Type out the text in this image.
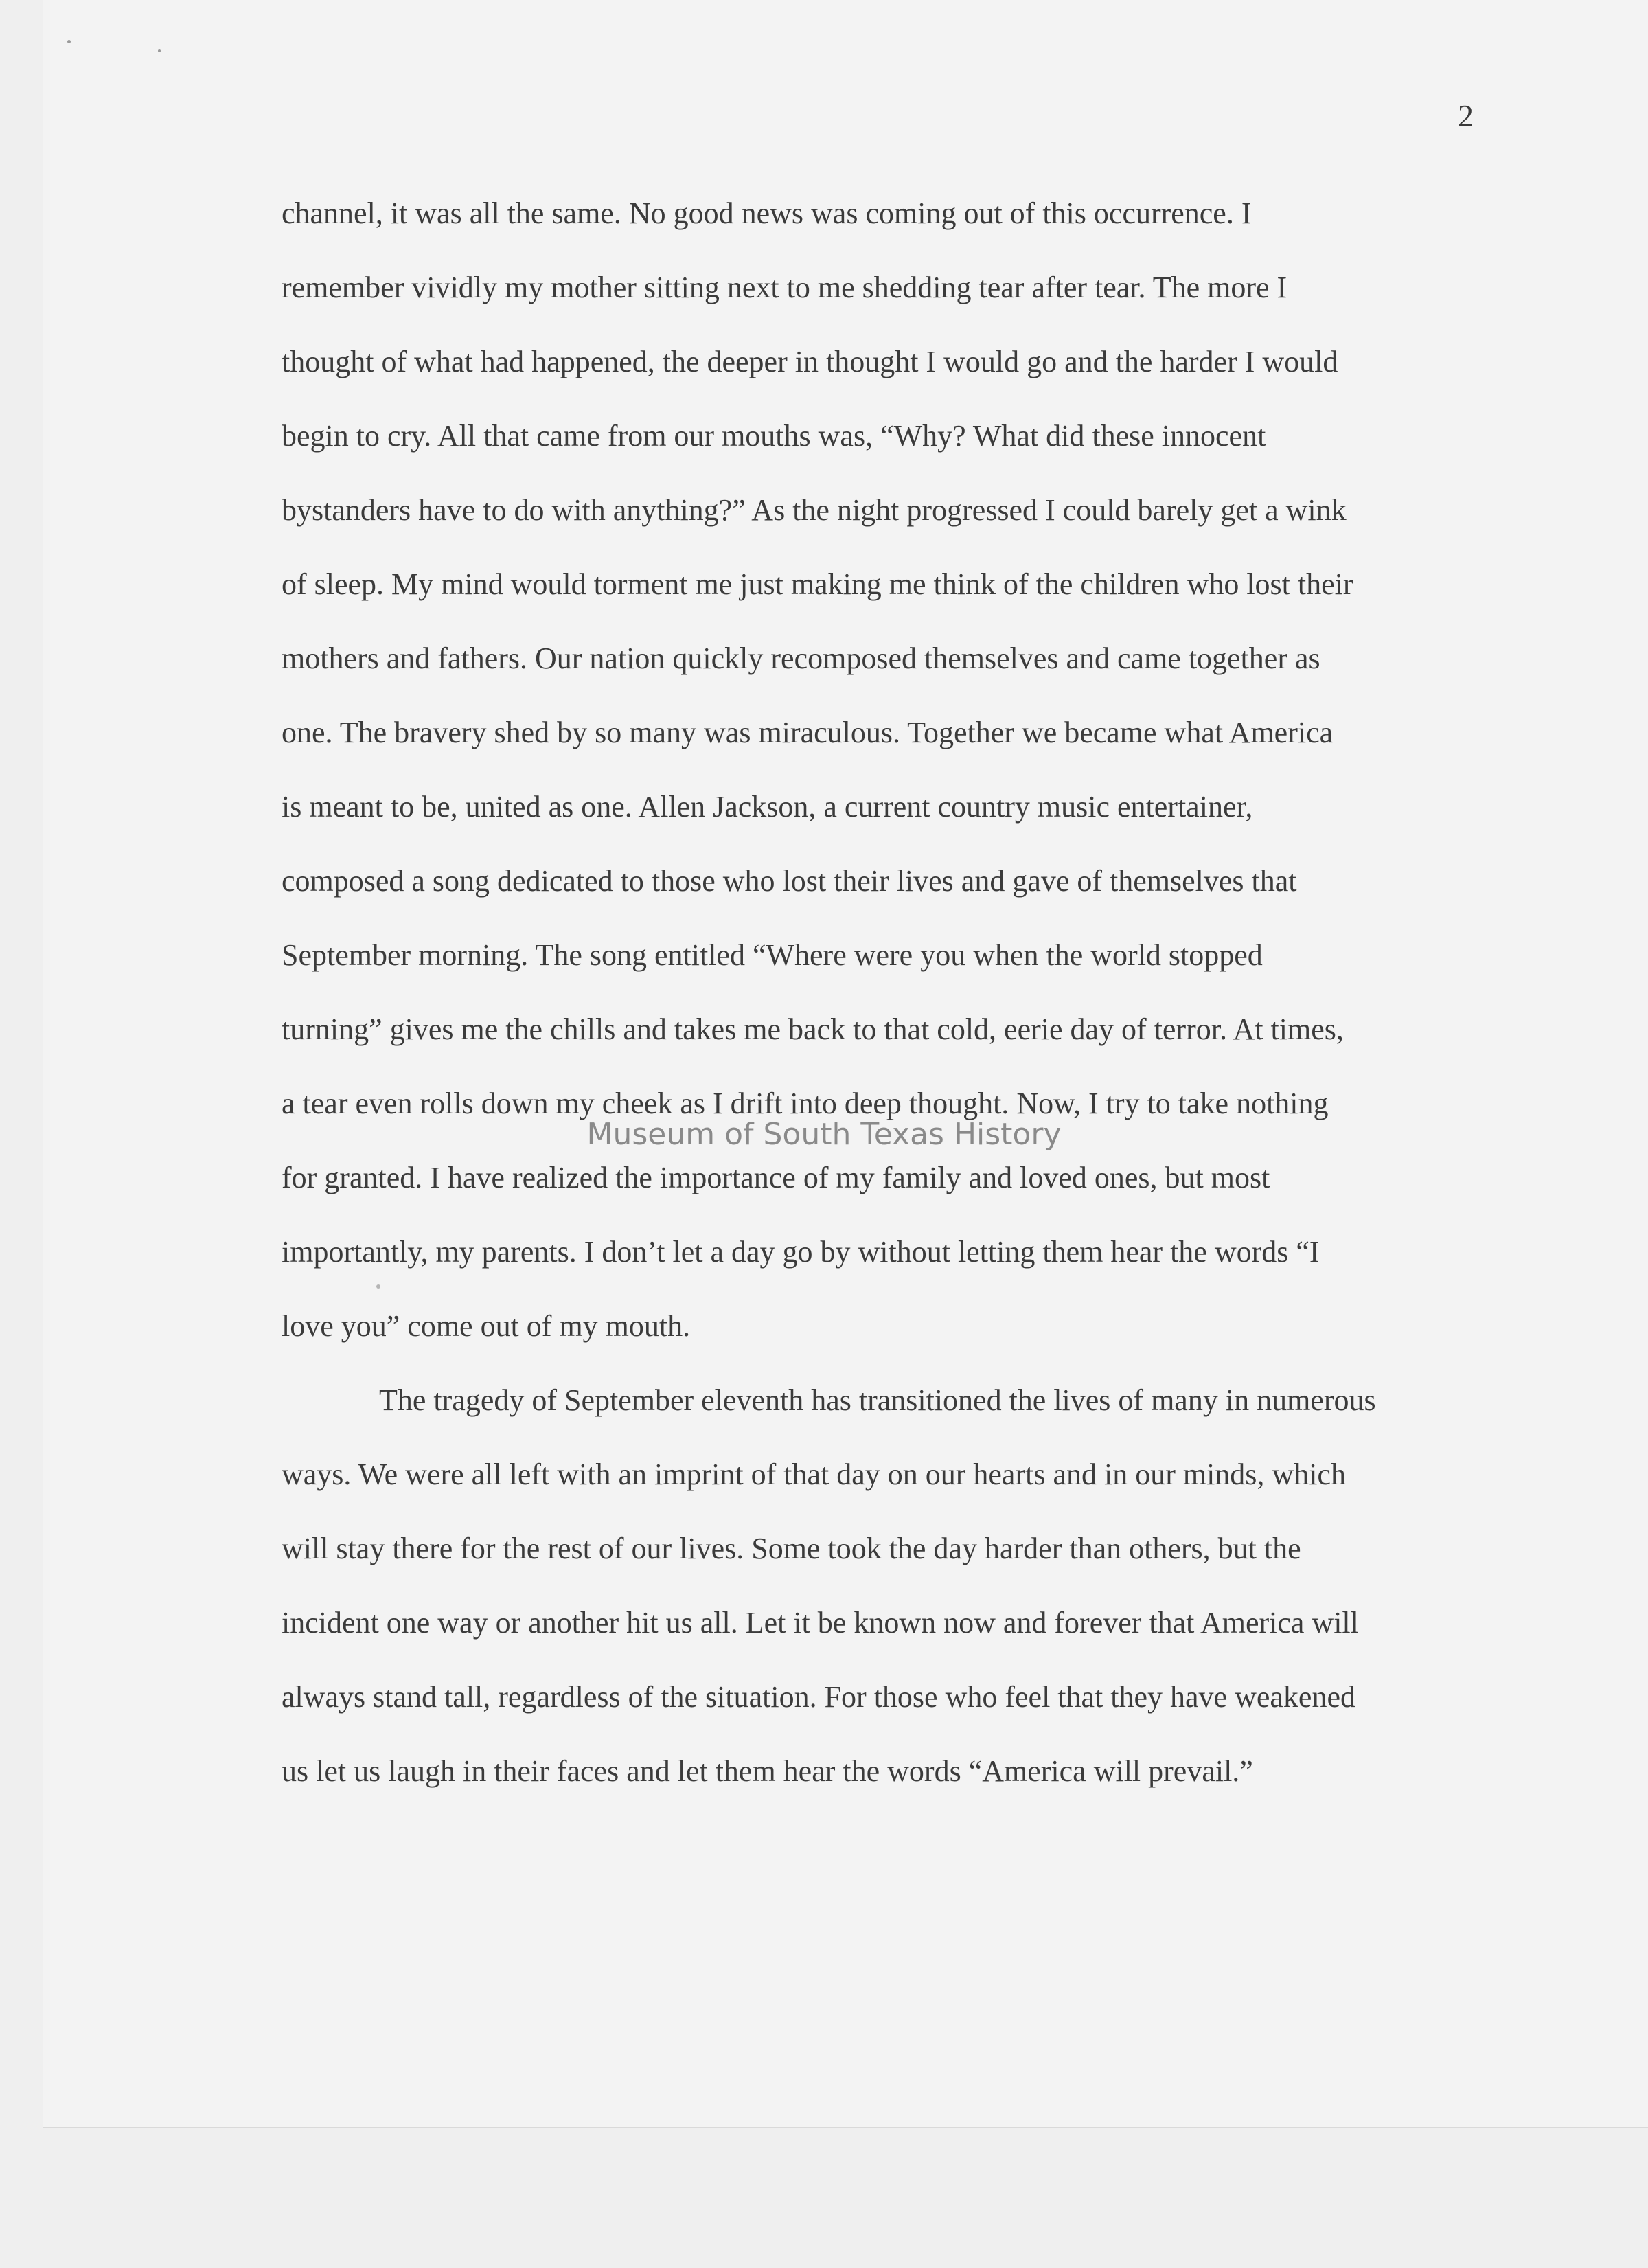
2
channel, it was all the same. No good news was coming out of this occurrence. I
remember vividly my mother sitting next to me shedding tear after tear. The more I
thought of what had happened, the deeper in thought I would go and the harder I would
begin to cry. All that came from our mouths was, “Why? What did these innocent
bystanders have to do with anything?” As the night progressed I could barely get a wink
of sleep. My mind would torment me just making me think of the children who lost their
mothers and fathers. Our nation quickly recomposed themselves and came together as
one. The bravery shed by so many was miraculous. Together we became what America
is meant to be, united as one. Allen Jackson, a current country music entertainer,
composed a song dedicated to those who lost their lives and gave of themselves that
September morning. The song entitled “Where were you when the world stopped
turning” gives me the chills and takes me back to that cold, eerie day of terror. At times,
a tear even rolls down my cheek as I drift into deep thought. Now, I try to take nothing
for granted. I have realized the importance of my family and loved ones, but most
importantly, my parents. I don’t let a day go by without letting them hear the words “I
love you” come out of my mouth.
The tragedy of September eleventh has transitioned the lives of many in numerous
ways. We were all left with an imprint of that day on our hearts and in our minds, which
will stay there for the rest of our lives. Some took the day harder than others, but the
incident one way or another hit us all. Let it be known now and forever that America will
always stand tall, regardless of the situation. For those who feel that they have weakened
us let us laugh in their faces and let them hear the words “America will prevail.”
Museum of South Texas History
